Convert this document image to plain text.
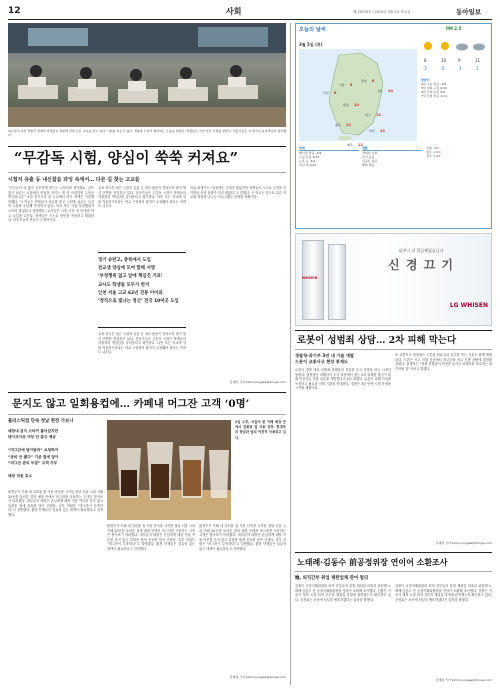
12	사회	제 19070호 | 2015년 3월 5일 목요일	동아일보
4일 경기 지산 경찰서 관계자 학생들이 경찰에 관한 토론 교육을 받고 있다. 시험을 치르고 있다. 경찰과 시민이 협력하는 모습을 담았다. 학생들은 수업 이후 교재를 받았다. 전문가들은 이 방식이 효과적이라 평가했다.
“무감독 시험, 양심이 쑥쑥 커져요”
시험지 유출 등 내신잡음 과잉 속에서… 다른 길 찾는 고교들
“친구들이 더 많이 공부하게 만드는 시험이라 생각해요. 감독 없이 치르는 시험에서 양심을 지키는 게 더 어렵지만 그만큼 뿌듯합니다.” 4일 경기도의 한 고교에서 만난 학생은 이렇게 말했다. 이 학교는 학생들이 서로를 믿고 시험을 치르는 무감독 시험을 수년째 운영하고 있다. 학교 측은 시험 부정행위가 오히려 줄었다고 설명했다. 교사들은 시험 시작 전 안내만 하고 교실을 나간다. 학생들은 스스로 답안을 작성하고 제출한다. 학부모들의 반응도 긍정적이다.
교육 당국은 최근 시험지 유출 등 내신 잡음이 잇따르자 평가 방식 전반을 점검하고 있다. 전문가들은 무감독 시험이 학생들의 자율성과 책임감을 길러준다고 평가한다. 다만 모든 학교에 일괄 적용하기보다는 학교 구성원의 합의가 우선돼야 한다는 지적도 나온다.
경기 송탄고, 충북에서 도입
전교생 양심에 모여 함께 서명
‘부정행위 없고 앞에 책임진 거죠’
교사도 학생들 모두가 반겨
인천 저울 고교 62년 전통 이어와
‘정직으로 빛나는 정신’ 전국 10여곳 도입
교육 당국은 최근 시험지 유출 등 내신 잡음이 잇따르자 평가 방식 전반을 점검하고 있다. 전문가들은 무감독 시험이 학생들의 자율성과 책임감을 길러준다고 평가한다. 다만 모든 학교에 일괄 적용하기보다는 학교 구성원의 합의가 우선돼야 한다는 지적도 나온다.
학교 관계자는 “처음에는 우려가 많았지만 학생들이 스스로 규칙을 지키면서 신뢰 문화가 자리 잡았다”고 말했다. 이 학교는 앞으로 다른 학교와 경험을 나누는 프로그램도 운영할 계획이다.
김재명 기자 kimmyungjae@donga.com
문지도 않고 일회용컵에… 카페내 머그잔 고객 ‘0명’
플라스틱컵 단속 첫날 현장 가보니
매장내 금지 스티커 붙어있지만
테이크아웃 여부 안 묻고 제공

“머그잔에 담아달라” 요청하자
“준비 안 됐다” 기존 컵에 담아
“머그잔 관리 부담” 고객 거부

매장 직원 호소
환경부가 카페 내 일회용 컵 사용 단속을 시작한 첫날 서울 시내 카페 20곳을 둘러본 결과 매장 안에서 머그잔을 사용하는 고객은 찾아보기 어려웠다. 대부분의 매장은 손님에게 매장 이용 여부를 묻지 않고 일회용 컵에 음료를 담아 건넸다. 일부 직원은 “머그잔이 부족하다”고 설명했다. 환경 단체들은 실효성 있는 대책이 필요하다고 지적했다.
2일 오후, 서울의 한 카페 매장 안에서 일회용 컵 사용 장면. 환경부의 방침과 달리 여전히 사용되고 있다.
환경부가 카페 내 일회용 컵 사용 단속을 시작한 첫날 서울 시내 카페 20곳을 둘러본 결과 매장 안에서 머그잔을 사용하는 고객은 찾아보기 어려웠다. 대부분의 매장은 손님에게 매장 이용 여부를 묻지 않고 일회용 컵에 음료를 담아 건넸다. 일부 직원은 “머그잔이 부족하다”고 설명했다. 환경 단체들은 실효성 있는 대책이 필요하다고 지적했다.
환경부가 카페 내 일회용 컵 사용 단속을 시작한 첫날 서울 시내 카페 20곳을 둘러본 결과 매장 안에서 머그잔을 사용하는 고객은 찾아보기 어려웠다. 대부분의 매장은 손님에게 매장 이용 여부를 묻지 않고 일회용 컵에 음료를 담아 건넸다. 일부 직원은 “머그잔이 부족하다”고 설명했다. 환경 단체들은 실효성 있는 대책이 필요하다고 지적했다.
김재명 기자 kimmyungjae@donga.com
오늘의 날씨
3월 5일 (목)
PM 2.5
서울 8
인천 6
춘천 8
강릉 10
대전 10
대구 12
광주 12
부산 13
제주 12
8	10	9	11
-2	0	2	1
달맞이
4일 오늘 맑음 -2/8
5일 내일 구름 0/10
6일 모레 흐림 2/9
7일 주말 맑음 1/11
세계
베이징 맑음 -4/9
도쿄 흐림 3/12
뉴욕 눈 -6/1
런던 비 4/10
생활
자외선 보통
감기 높음
식중독 낮음
빨래 좋음
수원 -3/9
청주 -2/10
전주 -1/11
WHISEN
휘센이 더 깔끔해졌습니다
신 경 끄 기
LG WHISEN
로봇이 성범죄 상담… 2차 피해 막는다
경찰청·과기부 3년 내 기술 개발
드론이 교통사고 현장 통제도
로봇이 경찰 대신 성범죄 피해자의 진술을 듣고 상담을 하는 시대가 열린다. 경찰청은 피해자가 수사 과정에서 겪는 2차 피해를 줄이기 위해 인공지능 상담 로봇을 개발한다고 4일 밝혔다. 로봇은 피해 사실을 녹음하고 필요한 지원 기관을 안내한다. 경찰은 3년 안에 시범 운영을 시작할 계획이다.
또 교통사고 현장에는 드론을 띄워 2차 사고를 막는 기술도 함께 개발된다. 드론은 사고 지점 상공에서 경고등을 켜고 후방 차량에 위험을 알린다. 관계자는 “현장 경찰관의 안전을 높이고 피해자를 보호하는 데 기여할 것”이라고 말했다.
김재명 기자 kimmyungjae@donga.com
노태례·김동수 前공정위장 연이어 소환조사
檢, 퇴직간부 취업 제한업체 관여 혐의
검찰이 공정거래위원회 퇴직 간부들의 불법 재취업 의혹과 관련해 노태례·김동수 전 공정거래위원장을 잇달아 소환해 조사했다. 검찰은 이들이 재직 시절 퇴직 간부의 재취업 과정에 관여했는지 확인하고 있다. 공정위는 조사에 성실히 협조하겠다는 입장을 밝혔다.
검찰이 공정거래위원회 퇴직 간부들의 불법 재취업 의혹과 관련해 노태례·김동수 전 공정거래위원장을 잇달아 소환해 조사했다. 검찰은 이들이 재직 시절 퇴직 간부의 재취업 과정에 관여했는지 확인하고 있다. 공정위는 조사에 성실히 협조하겠다는 입장을 밝혔다.
김재명 기자 kimmyungjae@donga.com
